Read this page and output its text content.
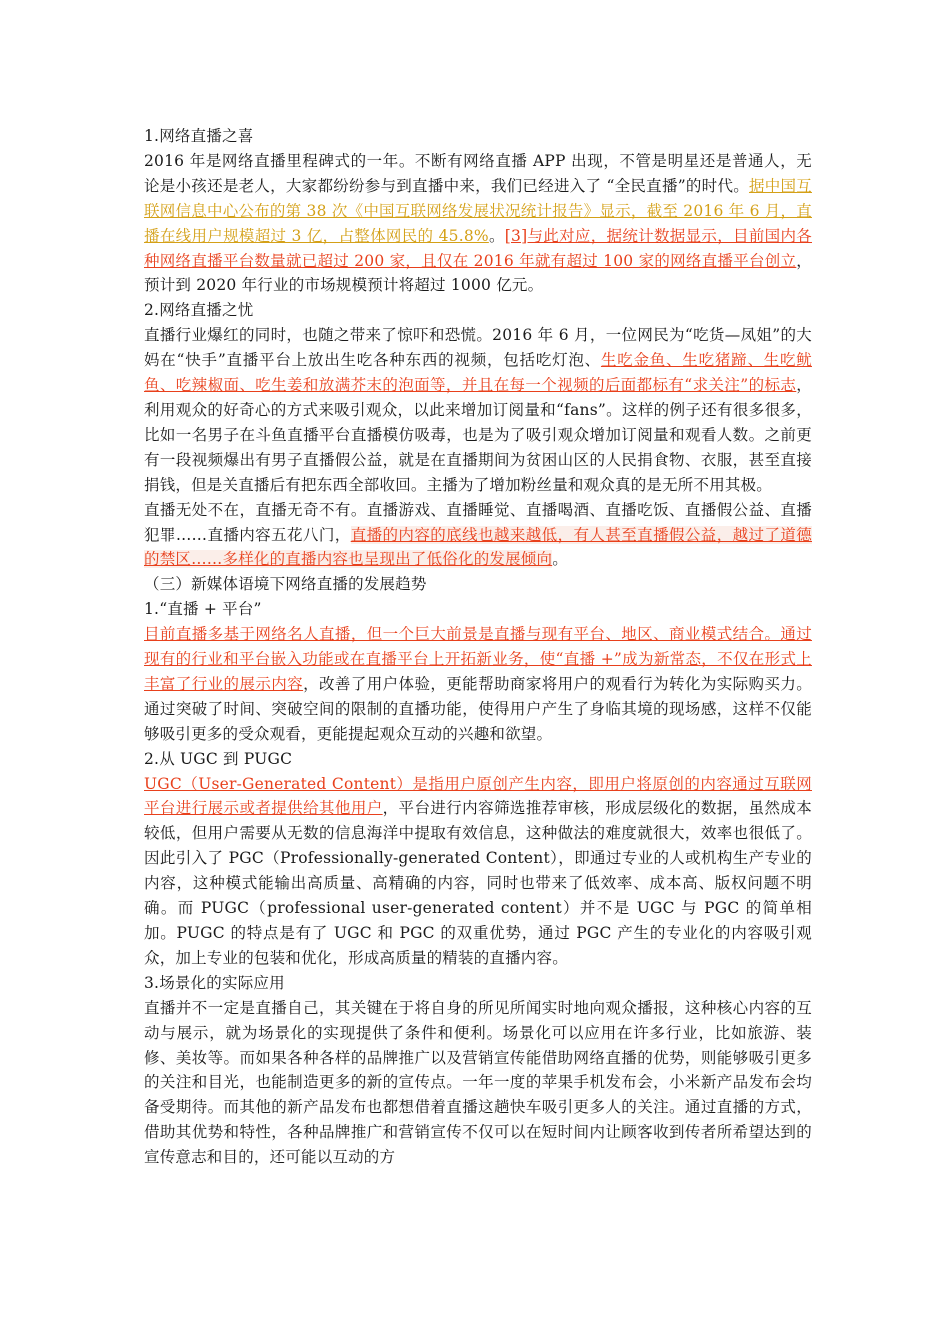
1.网络直播之喜

2016 年是网络直播里程碑式的一年。不断有网络直播 APP 出现，不管是明星还是普通人，无论是小孩还是老人，大家都纷纷参与到直播中来，我们已经进入了 “全民直播”的时代。据中国互联网信息中心公布的第 38 次《中国互联网络发展状况统计报告》显示，截至 2016 年 6 月，直播在线用户规模超过 3 亿，占整体网民的 45.8%。[3]与此对应，据统计数据显示，目前国内各种网络直播平台数量就已超过 200 家，且仅在 2016 年就有超过 100 家的网络直播平台创立，预计到 2020 年行业的市场规模预计将超过 1000 亿元。

2.网络直播之忧

直播行业爆红的同时，也随之带来了惊吓和恐慌。2016 年 6 月，一位网民为“吃货—凤姐”的大妈在“快手”直播平台上放出生吃各种东西的视频，包括吃灯泡、生吃金鱼、生吃猪蹄、生吃鱿鱼、吃辣椒面、吃生姜和放满芥末的泡面等，并且在每一个视频的后面都标有“求关注”的标志，利用观众的好奇心的方式来吸引观众，以此来增加订阅量和“fans”。这样的例子还有很多很多，比如一名男子在斗鱼直播平台直播模仿吸毒，也是为了吸引观众增加订阅量和观看人数。之前更有一段视频爆出有男子直播假公益，就是在直播期间为贫困山区的人民捐食物、衣服，甚至直接捐钱，但是关直播后有把东西全部收回。主播为了增加粉丝量和观众真的是无所不用其极。

直播无处不在，直播无奇不有。直播游戏、直播睡觉、直播喝酒、直播吃饭、直播假公益、直播犯罪……直播内容五花八门，直播的内容的底线也越来越低，有人甚至直播假公益，越过了道德的禁区……多样化的直播内容也呈现出了低俗化的发展倾向。

（三）新媒体语境下网络直播的发展趋势

1.“直播 + 平台”

目前直播多基于网络名人直播，但一个巨大前景是直播与现有平台、地区、商业模式结合。通过现有的行业和平台嵌入功能或在直播平台上开拓新业务，使“直播 +”成为新常态，不仅在形式上丰富了行业的展示内容，改善了用户体验，更能帮助商家将用户的观看行为转化为实际购买力。通过突破了时间、突破空间的限制的直播功能，使得用户产生了身临其境的现场感，这样不仅能够吸引更多的受众观看，更能提起观众互动的兴趣和欲望。

2.从 UGC 到 PUGC

UGC（User-Generated Content）是指用户原创产生内容，即用户将原创的内容通过互联网平台进行展示或者提供给其他用户，平台进行内容筛选推荐审核，形成层级化的数据，虽然成本较低，但用户需要从无数的信息海洋中提取有效信息，这种做法的难度就很大，效率也很低了。因此引入了 PGC（Professionally-generated Content），即通过专业的人或机构生产专业的内容，这种模式能输出高质量、高精确的内容，同时也带来了低效率、成本高、版权问题不明确。而 PUGC（professional user-generated content）并不是 UGC 与 PGC 的简单相加。PUGC 的特点是有了 UGC 和 PGC 的双重优势，通过 PGC 产生的专业化的内容吸引观众，加上专业的包装和优化，形成高质量的精装的直播内容。

3.场景化的实际应用

直播并不一定是直播自己，其关键在于将自身的所见所闻实时地向观众播报，这种核心内容的互动与展示，就为场景化的实现提供了条件和便利。场景化可以应用在许多行业，比如旅游、装修、美妆等。而如果各种各样的品牌推广以及营销宣传能借助网络直播的优势，则能够吸引更多的关注和目光，也能制造更多的新的宣传点。一年一度的苹果手机发布会，小米新产品发布会均备受期待。而其他的新产品发布也都想借着直播这趟快车吸引更多人的关注。通过直播的方式，借助其优势和特性，各种品牌推广和营销宣传不仅可以在短时间内让顾客收到传者所希望达到的宣传意志和目的，还可能以互动的方
